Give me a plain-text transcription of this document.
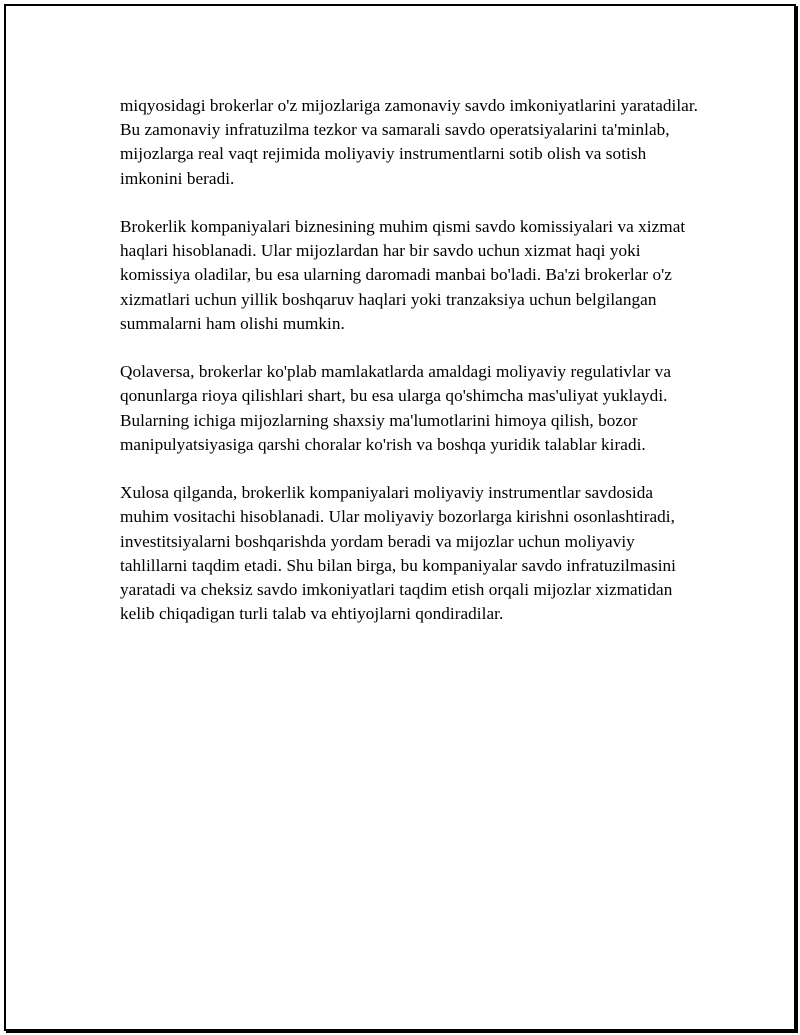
miqyosidagi brokerlar o'z mijozlariga zamonaviy savdo imkoniyatlarini yaratadilar. Bu zamonaviy infratuzilma tezkor va samarali savdo operatsiyalarini ta'minlab, mijozlarga real vaqt rejimida moliyaviy instrumentlarni sotib olish va sotish imkonini beradi.

Brokerlik kompaniyalari biznesining muhim qismi savdo komissiyalari va xizmat haqlari hisoblanadi. Ular mijozlardan har bir savdo uchun xizmat haqi yoki komissiya oladilar, bu esa ularning daromadi manbai bo'ladi. Ba'zi brokerlar o'z xizmatlari uchun yillik boshqaruv haqlari yoki tranzaksiya uchun belgilangan summalarni ham olishi mumkin.

Qolaversa, brokerlar ko'plab mamlakatlarda amaldagi moliyaviy regulativlar va qonunlarga rioya qilishlari shart, bu esa ularga qo'shimcha mas'uliyat yuklaydi. Bularning ichiga mijozlarning shaxsiy ma'lumotlarini himoya qilish, bozor manipulyatsiyasiga qarshi choralar ko'rish va boshqa yuridik talablar kiradi.

Xulosa qilganda, brokerlik kompaniyalari moliyaviy instrumentlar savdosida muhim vositachi hisoblanadi. Ular moliyaviy bozorlarga kirishni osonlashtiradi, investitsiyalarni boshqarishda yordam beradi va mijozlar uchun moliyaviy tahlillarni taqdim etadi. Shu bilan birga, bu kompaniyalar savdo infratuzilmasini yaratadi va cheksiz savdo imkoniyatlari taqdim etish orqali mijozlar xizmatidan kelib chiqadigan turli talab va ehtiyojlarni qondiradilar.
